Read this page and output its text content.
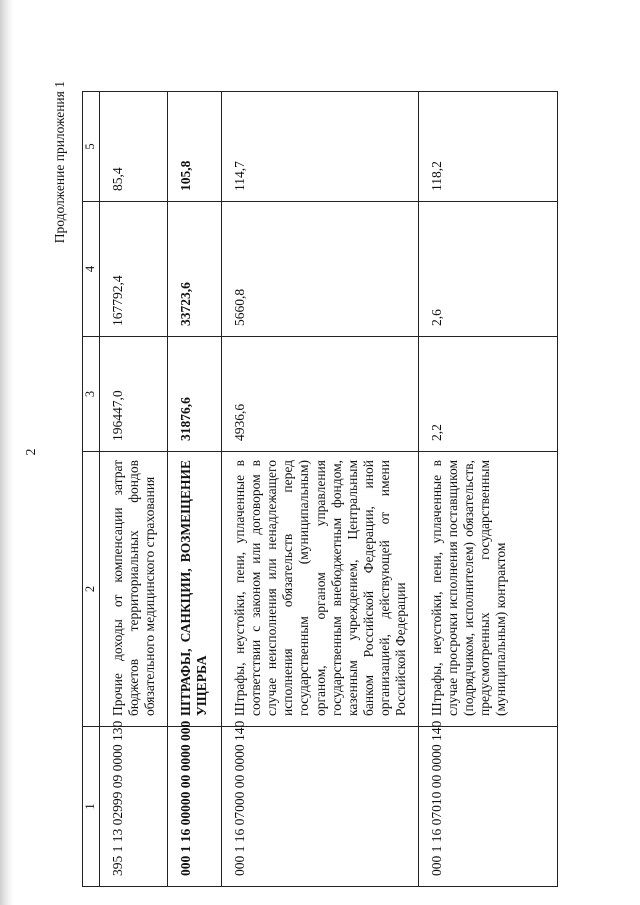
2
Продолжение приложения 1
1	2	3	4	5
395 1 13 02999 09 0000 130	Прочие доходы от компенсации затрат бюджетов территориальных фондов обязательного медицинского страхования	196447,0	167792,4	85,4
000 1 16 00000 00 0000 000	ШТРАФЫ, САНКЦИИ, ВОЗМЕЩЕНИЕ УЩЕРБА	31876,6	33723,6	105,8
000 1 16 07000 00 0000 140	Штрафы, неустойки, пени, уплаченные в соответствии с законом или договором в случае неисполнения или ненадлежащего исполнения обязательств перед государственным (муниципальным) органом, органом управления государственным внебюджетным фондом, казенным учреждением, Центральным банком Российской Федерации, иной организацией, действующей от имени Российской Федерации	4936,6	5660,8	114,7
000 1 16 07010 00 0000 140	Штрафы, неустойки, пени, уплаченные в случае просрочки исполнения поставщиком (подрядчиком, исполнителем) обязательств, предусмотренных государственным (муниципальным) контрактом	2,2	2,6	118,2
